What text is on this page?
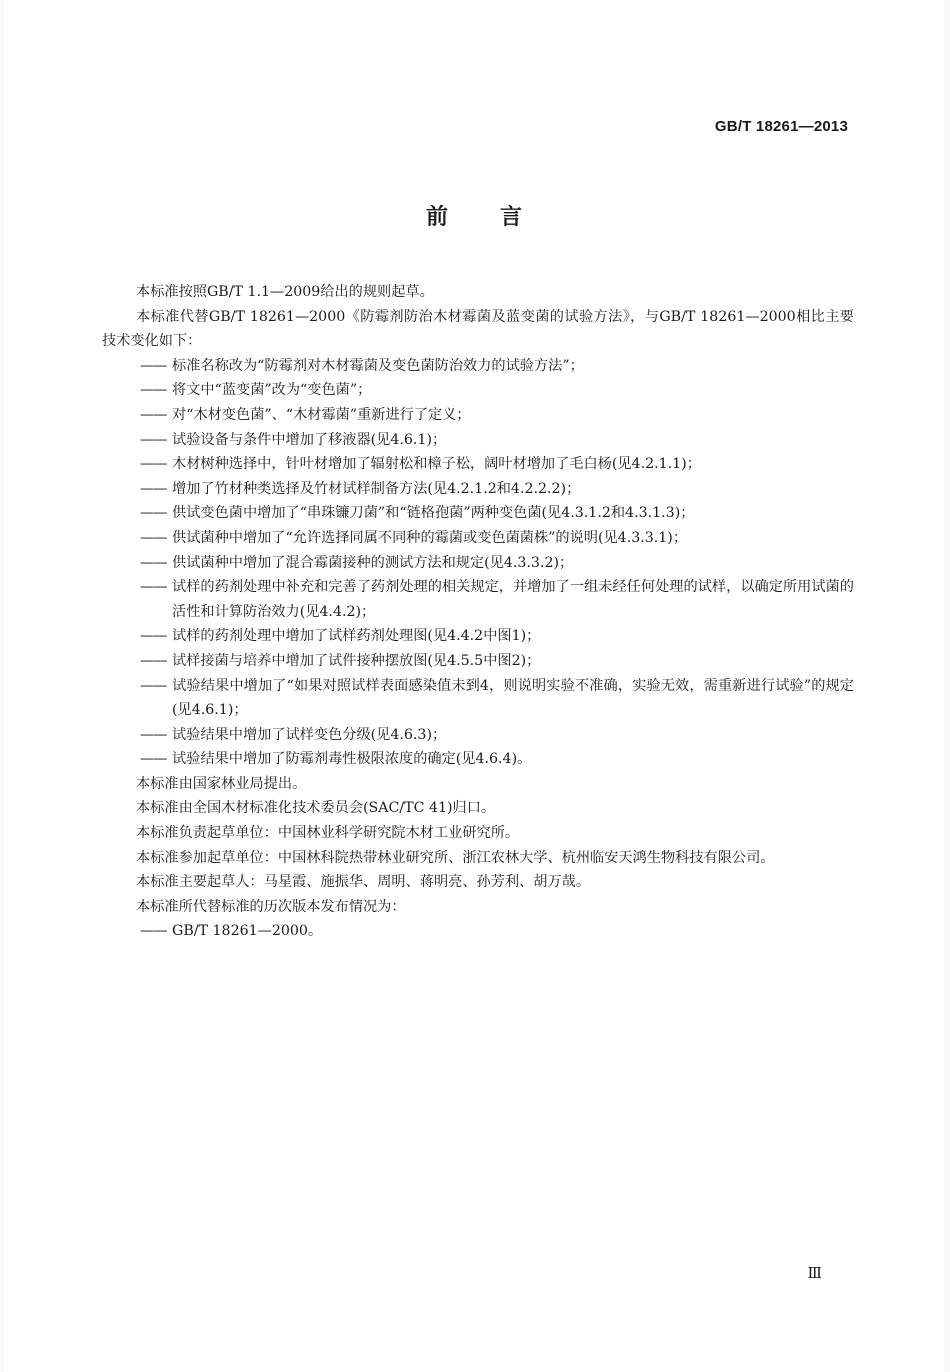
GB/T 18261—2013
前言

本标准按照GB/T 1.1—2009给出的规则起草。

本标准代替GB/T 18261—2000《防霉剂防治木材霉菌及蓝变菌的试验方法》，与GB/T 18261—2000相比主要技术变化如下：

—— 标准名称改为“防霉剂对木材霉菌及变色菌防治效力的试验方法”；

—— 将文中“蓝变菌”改为“变色菌”；

—— 对“木材变色菌”、“木材霉菌”重新进行了定义；

—— 试验设备与条件中增加了移液器(见4.6.1)；

—— 木材树种选择中，针叶材增加了辐射松和樟子松，阔叶材增加了毛白杨(见4.2.1.1)；

—— 增加了竹材种类选择及竹材试样制备方法(见4.2.1.2和4.2.2.2)；

—— 供试变色菌中增加了“串珠镰刀菌”和“链格孢菌”两种变色菌(见4.3.1.2和4.3.1.3)；

—— 供试菌种中增加了“允许选择同属不同种的霉菌或变色菌菌株”的说明(见4.3.3.1)；

—— 供试菌种中增加了混合霉菌接种的测试方法和规定(见4.3.3.2)；

—— 试样的药剂处理中补充和完善了药剂处理的相关规定，并增加了一组未经任何处理的试样，以确定所用试菌的活性和计算防治效力(见4.4.2)；

—— 试样的药剂处理中增加了试样药剂处理图(见4.4.2中图1)；

—— 试样接菌与培养中增加了试件接种摆放图(见4.5.5中图2)；

—— 试验结果中增加了“如果对照试样表面感染值未到4，则说明实验不准确，实验无效，需重新进行试验”的规定(见4.6.1)；

—— 试验结果中增加了试样变色分级(见4.6.3)；

—— 试验结果中增加了防霉剂毒性极限浓度的确定(见4.6.4)。

本标准由国家林业局提出。

本标准由全国木材标准化技术委员会(SAC/TC 41)归口。

本标准负责起草单位：中国林业科学研究院木材工业研究所。

本标准参加起草单位：中国林科院热带林业研究所、浙江农林大学、杭州临安天鸿生物科技有限公司。

本标准主要起草人：马星霞、施振华、周明、蒋明亮、孙芳利、胡万哉。

本标准所代替标准的历次版本发布情况为：

—— GB/T 18261—2000。

Ⅲ
